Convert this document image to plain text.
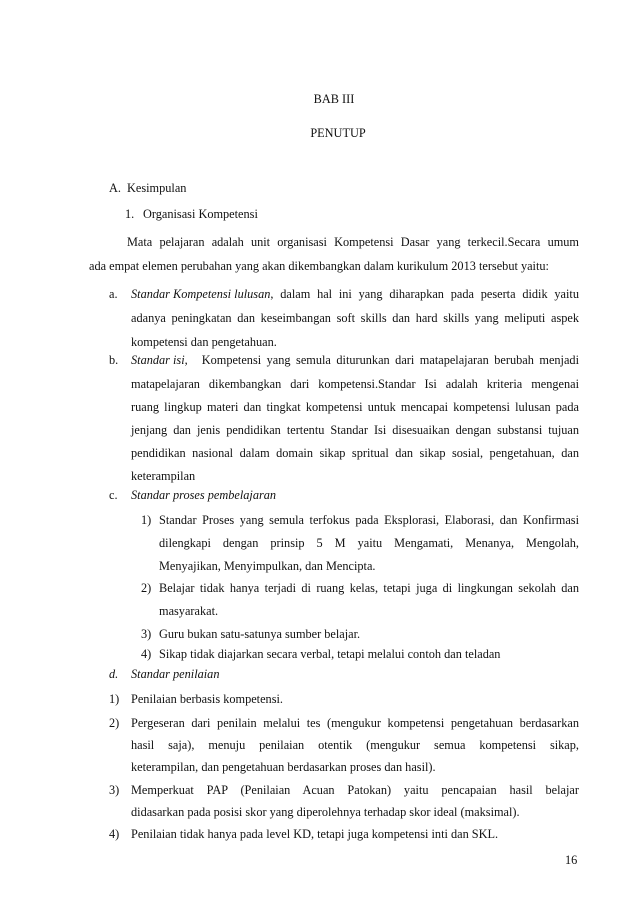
BAB III
PENUTUP
A. Kesimpulan
1. Organisasi Kompetensi
Mata pelajaran adalah unit organisasi Kompetensi Dasar yang terkecil.Secara umum
ada empat elemen perubahan yang akan dikembangkan dalam kurikulum 2013 tersebut yaitu:
a. Standar Kompetensi lulusan , dalam hal ini yang diharapkan pada peserta didik yaitu
adanya peningkatan dan keseimbangan soft skills dan hard skills yang meliputi aspek
kompetensi dan pengetahuan.
b. Standar isi, Kompetensi yang semula diturunkan dari matapelajaran berubah menjadi
matapelajaran dikembangkan dari kompetensi.Standar Isi adalah kriteria mengenai
ruang lingkup materi dan tingkat kompetensi untuk mencapai kompetensi lulusan pada
jenjang dan jenis pendidikan tertentu Standar Isi disesuaikan dengan substansi tujuan
pendidikan nasional dalam domain sikap spritual dan sikap sosial, pengetahuan, dan
keterampilan
c. Standar proses pembelajaran
1) Standar Proses yang semula terfokus pada Eksplorasi, Elaborasi, dan Konfirmasi
dilengkapi dengan prinsip 5 M yaitu Mengamati, Menanya, Mengolah,
Menyajikan, Menyimpulkan, dan Mencipta.
2) Belajar tidak hanya terjadi di ruang kelas, tetapi juga di lingkungan sekolah dan
masyarakat.
3) Guru bukan satu-satunya sumber belajar.
4) Sikap tidak diajarkan secara verbal, tetapi melalui contoh dan teladan
d. Standar penilaian
1) Penilaian berbasis kompetensi.
2) Pergeseran dari penilain melalui tes (mengukur kompetensi pengetahuan berdasarkan
hasil saja), menuju penilaian otentik (mengukur semua kompetensi sikap,
keterampilan, dan pengetahuan berdasarkan proses dan hasil).
3) Memperkuat PAP (Penilaian Acuan Patokan) yaitu pencapaian hasil belajar
didasarkan pada posisi skor yang diperolehnya terhadap skor ideal (maksimal).
4) Penilaian tidak hanya pada level KD, tetapi juga kompetensi inti dan SKL.
16
